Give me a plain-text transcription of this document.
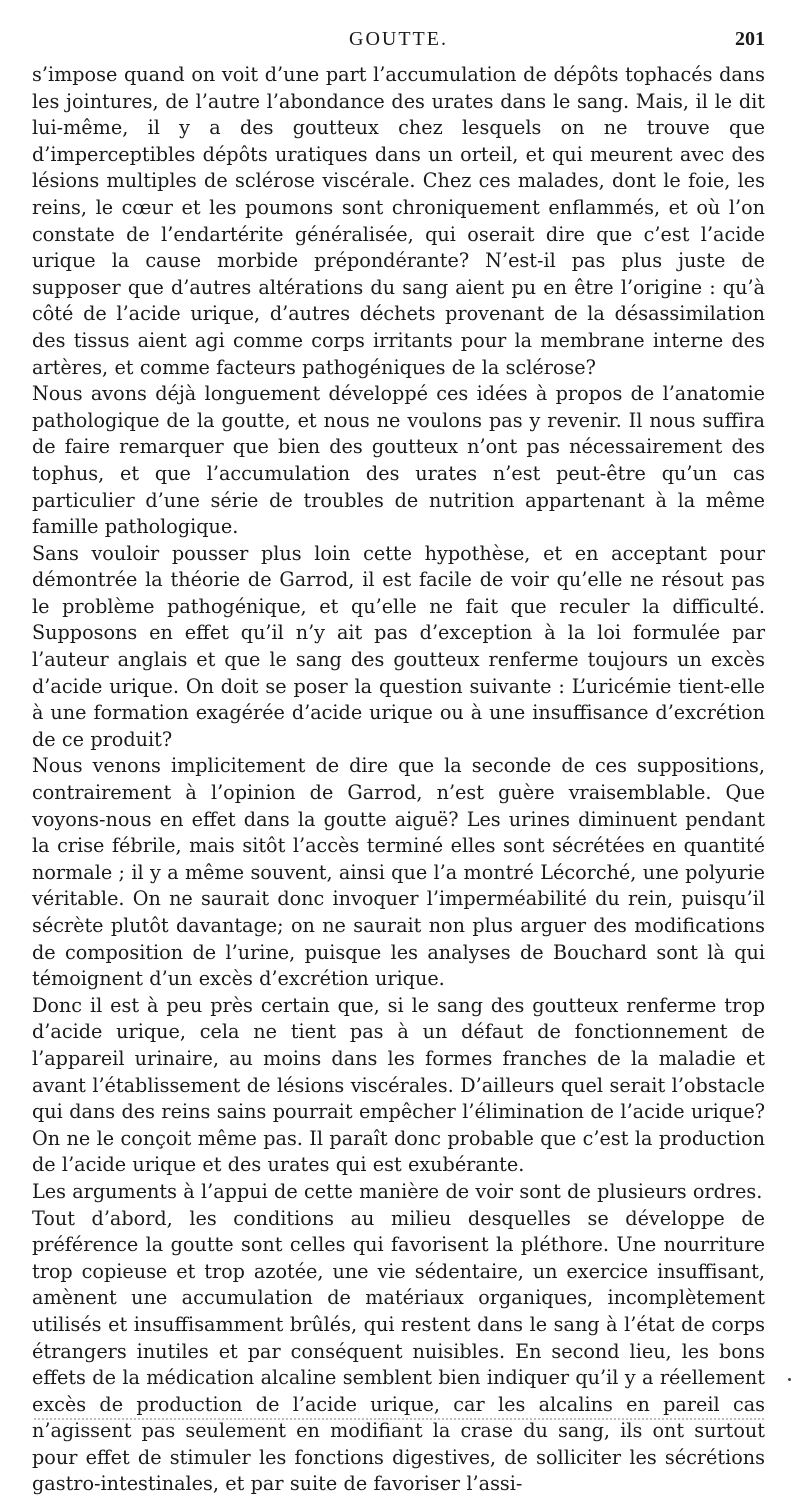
GOUTTE.	201

s’impose quand on voit d’une part l’accumulation de dépôts tophacés dans les jointures, de l’autre l’abondance des urates dans le sang. Mais, il le dit lui-même, il y a des goutteux chez lesquels on ne trouve que d’imperceptibles dépôts uratiques dans un orteil, et qui meurent avec des lésions multiples de sclérose viscérale. Chez ces malades, dont le foie, les reins, le cœur et les poumons sont chroniquement enflammés, et où l’on constate de l’endartérite généralisée, qui oserait dire que c’est l’acide urique la cause morbide prépondérante? N’est-il pas plus juste de supposer que d’autres altérations du sang aient pu en être l’origine : qu’à côté de l’acide urique, d’autres déchets provenant de la désassimilation des tissus aient agi comme corps irritants pour la membrane interne des artères, et comme facteurs pathogéniques de la sclérose?

Nous avons déjà longuement développé ces idées à propos de l’anatomie pathologique de la goutte, et nous ne voulons pas y revenir. Il nous suffira de faire remarquer que bien des goutteux n’ont pas nécessairement des tophus, et que l’accumulation des urates n’est peut-être qu’un cas particulier d’une série de troubles de nutrition appartenant à la même famille pathologique.

Sans vouloir pousser plus loin cette hypothèse, et en acceptant pour démontrée la théorie de Garrod, il est facile de voir qu’elle ne résout pas le problème pathogénique, et qu’elle ne fait que reculer la difficulté. Supposons en effet qu’il n’y ait pas d’exception à la loi formulée par l’auteur anglais et que le sang des goutteux renferme toujours un excès d’acide urique. On doit se poser la question suivante : L’uricémie tient-elle à une formation exagérée d’acide urique ou à une insuffisance d’excrétion de ce produit?

Nous venons implicitement de dire que la seconde de ces suppositions, contrairement à l’opinion de Garrod, n’est guère vraisemblable. Que voyons-nous en effet dans la goutte aiguë? Les urines diminuent pendant la crise fébrile, mais sitôt l’accès terminé elles sont sécrétées en quantité normale ; il y a même souvent, ainsi que l’a montré Lécorché, une polyurie véritable. On ne saurait donc invoquer l’imperméabilité du rein, puisqu’il sécrète plutôt davantage; on ne saurait non plus arguer des modifications de composition de l’urine, puisque les analyses de Bouchard sont là qui témoignent d’un excès d’excrétion urique.

Donc il est à peu près certain que, si le sang des goutteux renferme trop d’acide urique, cela ne tient pas à un défaut de fonctionnement de l’appareil urinaire, au moins dans les formes franches de la maladie et avant l’établissement de lésions viscérales. D’ailleurs quel serait l’obstacle qui dans des reins sains pourrait empêcher l’élimination de l’acide urique? On ne le conçoit même pas. Il paraît donc probable que c’est la production de l’acide urique et des urates qui est exubérante.

Les arguments à l’appui de cette manière de voir sont de plusieurs ordres.

Tout d’abord, les conditions au milieu desquelles se développe de préférence la goutte sont celles qui favorisent la pléthore. Une nourriture trop copieuse et trop azotée, une vie sédentaire, un exercice insuffisant, amènent une accumulation de matériaux organiques, incomplètement utilisés et insuffisamment brûlés, qui restent dans le sang à l’état de corps étrangers inutiles et par conséquent nuisibles. En second lieu, les bons effets de la médication alcaline semblent bien indiquer qu’il y a réellement excès de production de l’acide urique, car les alcalins en pareil cas n’agissent pas seulement en modifiant la crase du sang, ils ont surtout pour effet de stimuler les fonctions digestives, de solliciter les sécrétions gastro-intestinales, et par suite de favoriser l’assi-
